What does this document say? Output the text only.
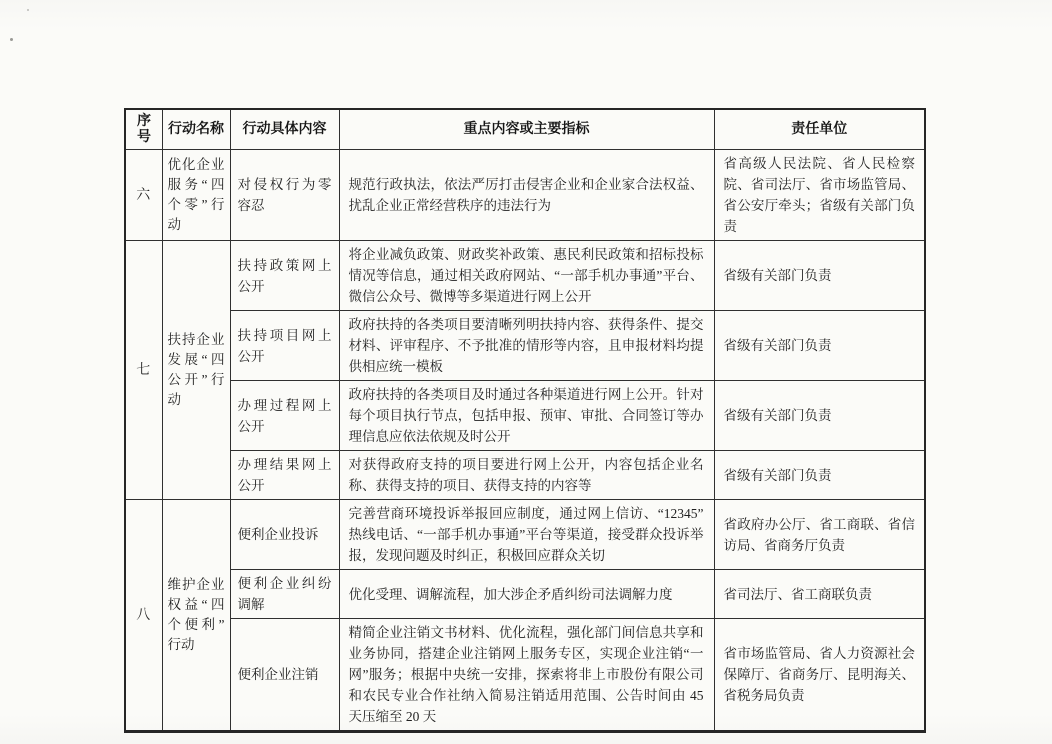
序号	行动名称	行动具体内容	重点内容或主要指标	责任单位
六	优化企业服务“四个零”行动	对侵权行为零容忍	规范行政执法，依法严厉打击侵害企业和企业家合法权益、扰乱企业正常经营秩序的违法行为	省高级人民法院、省人民检察院、省司法厅、省市场监管局、省公安厅牵头；省级有关部门负责
七	扶持企业发展“四公开”行动	扶持政策网上公开	将企业减负政策、财政奖补政策、惠民利民政策和招标投标情况等信息，通过相关政府网站、“一部手机办事通”平台、微信公众号、微博等多渠道进行网上公开	省级有关部门负责
		扶持项目网上公开	政府扶持的各类项目要清晰列明扶持内容、获得条件、提交材料、评审程序、不予批准的情形等内容，且申报材料均提供相应统一模板	省级有关部门负责
		办理过程网上公开	政府扶持的各类项目及时通过各种渠道进行网上公开。针对每个项目执行节点，包括申报、预审、审批、合同签订等办理信息应依法依规及时公开	省级有关部门负责
		办理结果网上公开	对获得政府支持的项目要进行网上公开，内容包括企业名称、获得支持的项目、获得支持的内容等	省级有关部门负责
八	维护企业权益“四个便利”行动	便利企业投诉	完善营商环境投诉举报回应制度，通过网上信访、“12345”热线电话、“一部手机办事通”平台等渠道，接受群众投诉举报，发现问题及时纠正，积极回应群众关切	省政府办公厅、省工商联、省信访局、省商务厅负责
		便利企业纠纷调解	优化受理、调解流程，加大涉企矛盾纠纷司法调解力度	省司法厅、省工商联负责
		便利企业注销	精简企业注销文书材料、优化流程，强化部门间信息共享和业务协同，搭建企业注销网上服务专区，实现企业注销“一网”服务；根据中央统一安排，探索将非上市股份有限公司和农民专业合作社纳入简易注销适用范围、公告时间由 45 天压缩至 20 天	省市场监管局、省人力资源社会保障厅、省商务厅、昆明海关、省税务局负责
